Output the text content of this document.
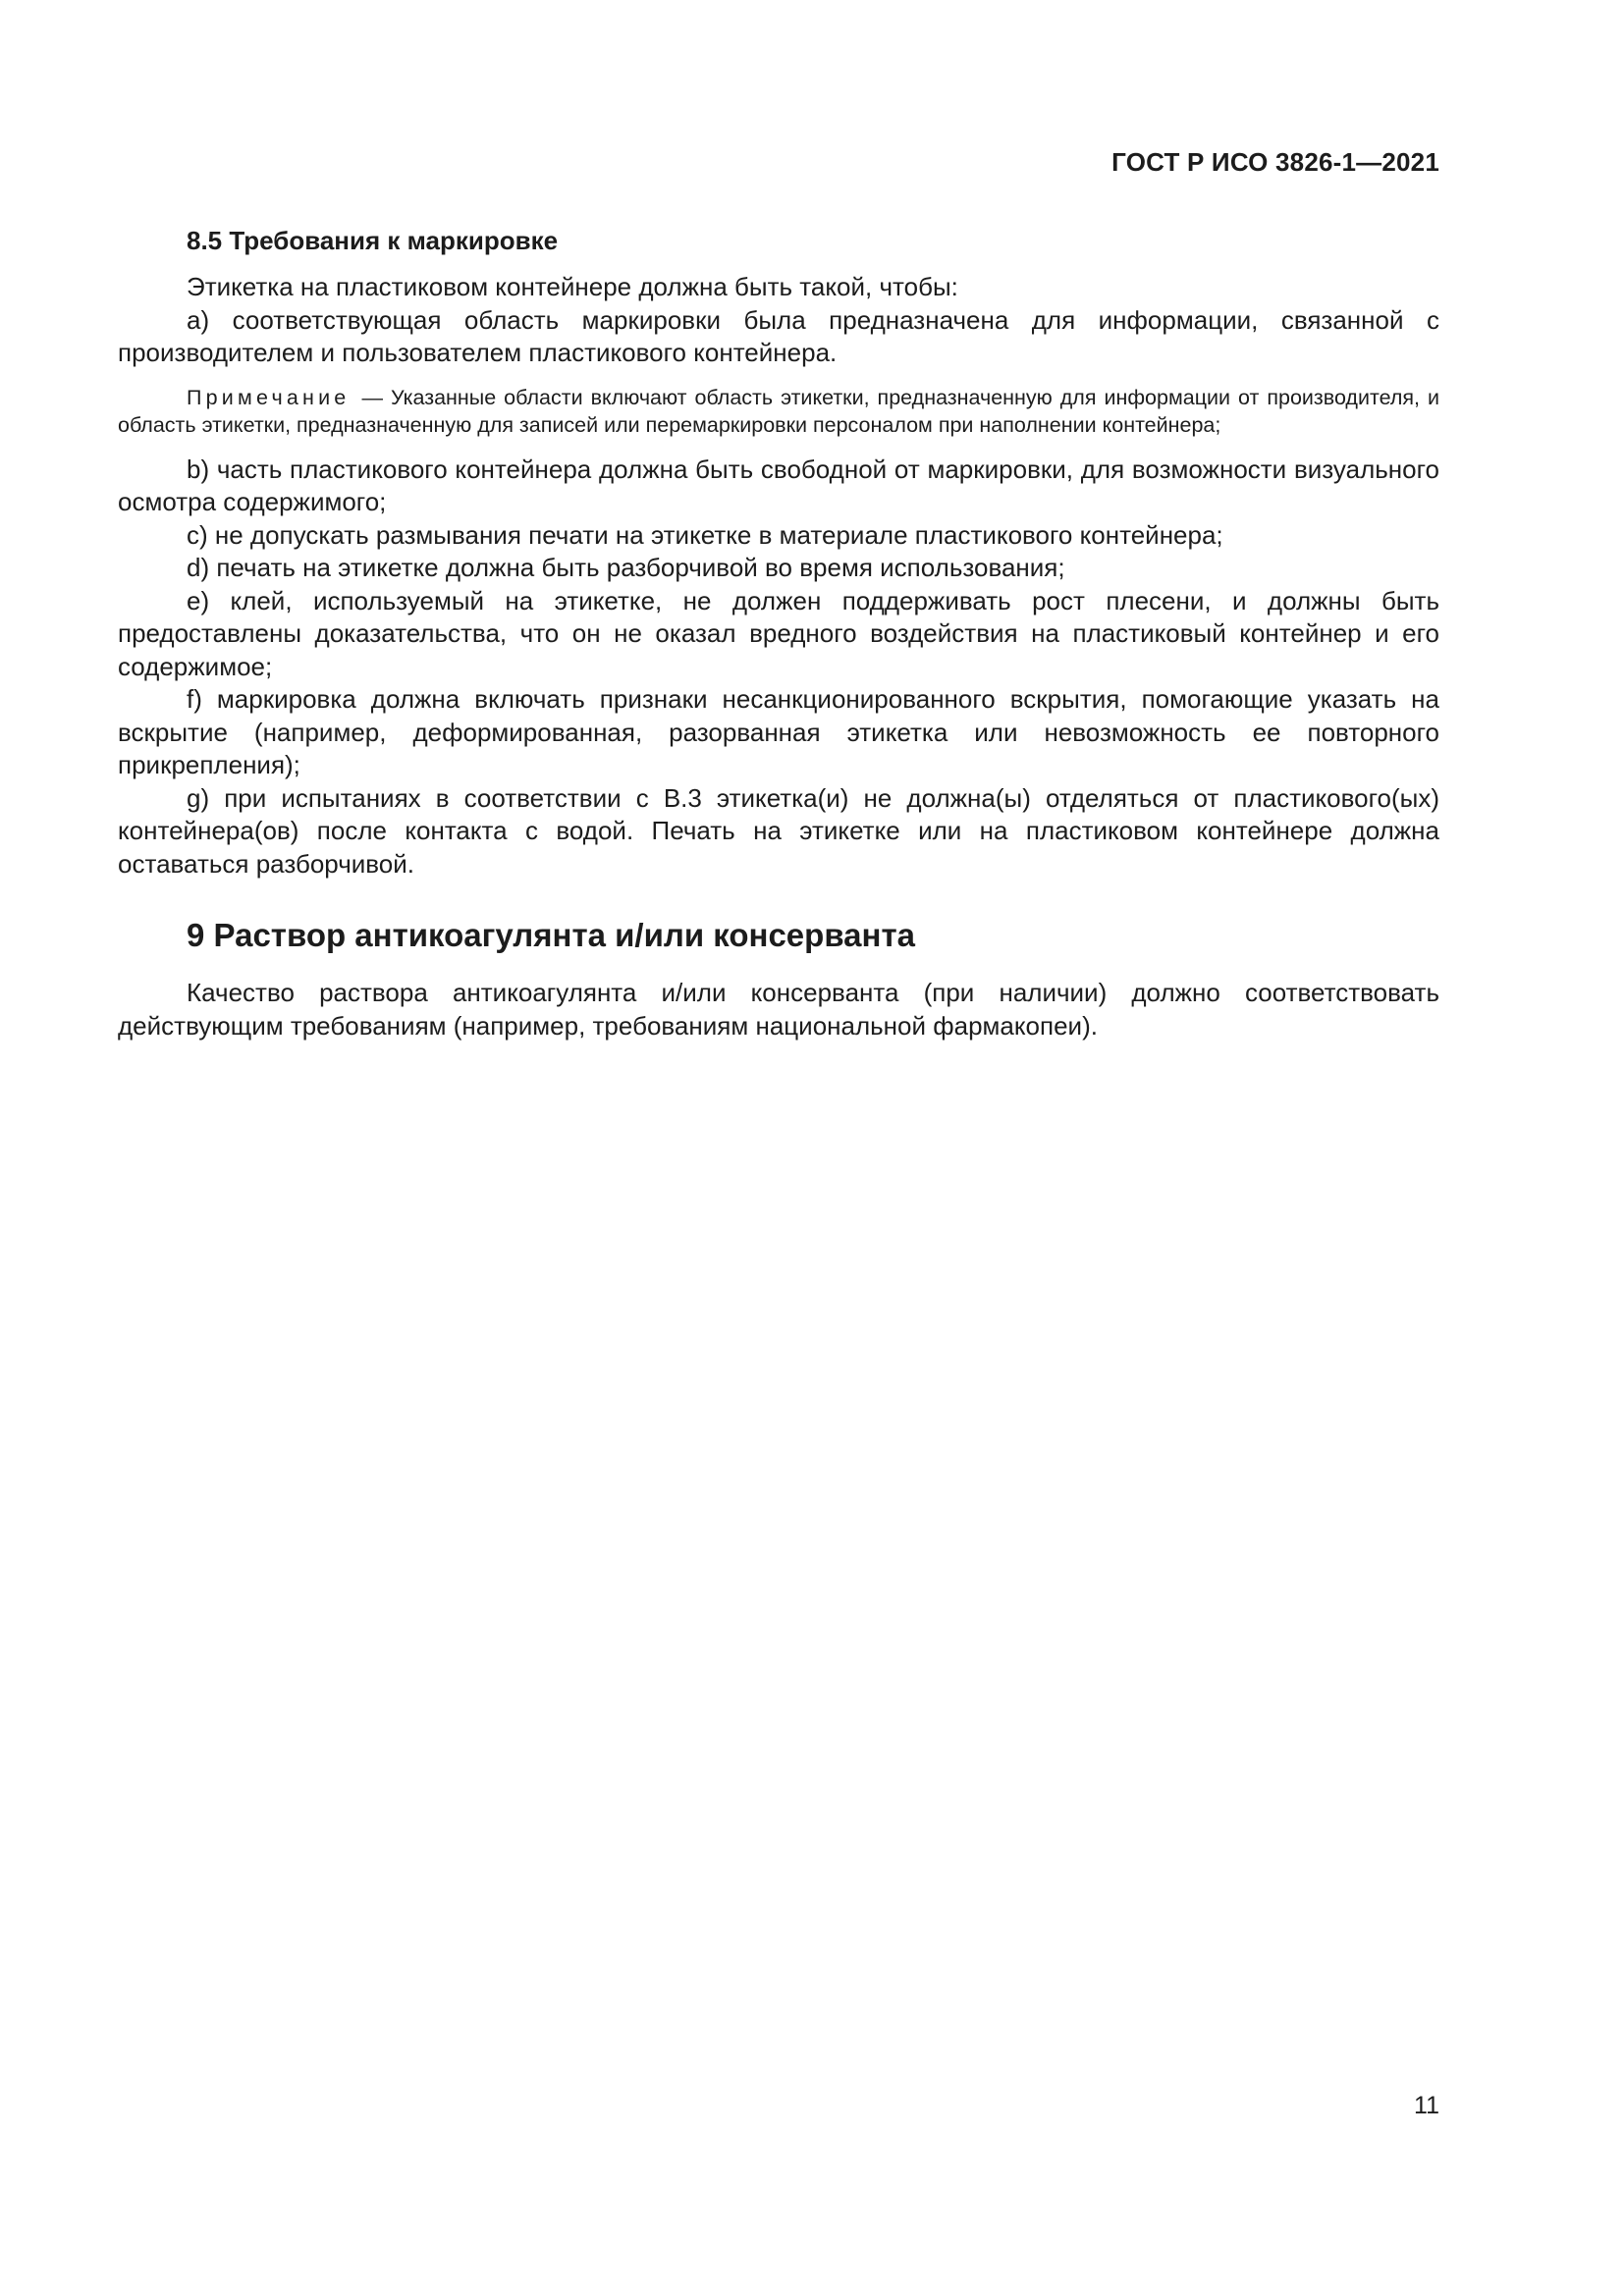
ГОСТ Р ИСО 3826-1—2021
8.5 Требования к маркировке

Этикетка на пластиковом контейнере должна быть такой, чтобы:

a) соответствующая область маркировки была предназначена для информации, связанной с производителем и пользователем пластикового контейнера.

Примечание — Указанные области включают область этикетки, предназначенную для информации от производителя, и область этикетки, предназначенную для записей или перемаркировки персоналом при наполнении контейнера;

b) часть пластикового контейнера должна быть свободной от маркировки, для возможности визуального осмотра содержимого;

c) не допускать размывания печати на этикетке в материале пластикового контейнера;

d) печать на этикетке должна быть разборчивой во время использования;

e) клей, используемый на этикетке, не должен поддерживать рост плесени, и должны быть предоставлены доказательства, что он не оказал вредного воздействия на пластиковый контейнер и его содержимое;

f) маркировка должна включать признаки несанкционированного вскрытия, помогающие указать на вскрытие (например, деформированная, разорванная этикетка или невозможность ее повторного прикрепления);

g) при испытаниях в соответствии с В.3 этикетка(и) не должна(ы) отделяться от пластикового(ых) контейнера(ов) после контакта с водой. Печать на этикетке или на пластиковом контейнере должна оставаться разборчивой.

9 Раствор антикоагулянта и/или консерванта

Качество раствора антикоагулянта и/или консерванта (при наличии) должно соответствовать действующим требованиям (например, требованиям национальной фармакопеи).

11
